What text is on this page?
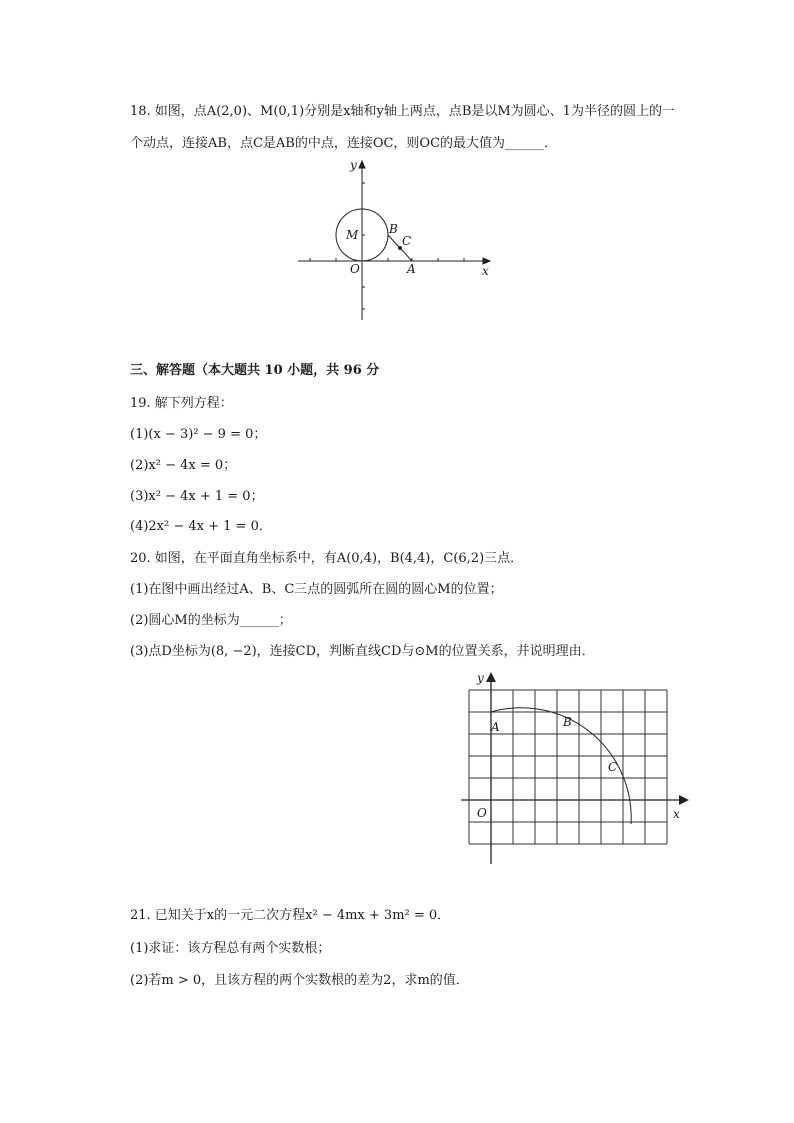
18. 如图，点A(2,0)、M(0,1)分别是x轴和y轴上两点，点B是以M为圆心、1为半径的圆上的一
个动点，连接AB，点C是AB的中点，连接OC，则OC的最大值为______．
y
x
O
M
A
B
C
三、解答题（本大题共 10 小题，共 96 分
19. 解下列方程：
(1)(x − 3)² − 9 = 0；
(2)x² − 4x = 0；
(3)x² − 4x + 1 = 0；
(4)2x² − 4x + 1 = 0．
20. 如图，在平面直角坐标系中，有A(0,4)，B(4,4)，C(6,2)三点．
(1)在图中画出经过A、B、C三点的圆弧所在圆的圆心M的位置；
(2)圆心M的坐标为______；
(3)点D坐标为(8, −2)，连接CD，判断直线CD与⊙M的位置关系，并说明理由．
y
x
O
A	B
C
21. 已知关于x的一元二次方程x² − 4mx + 3m² = 0．
(1)求证：该方程总有两个实数根；
(2)若m > 0，且该方程的两个实数根的差为2，求m的值．
